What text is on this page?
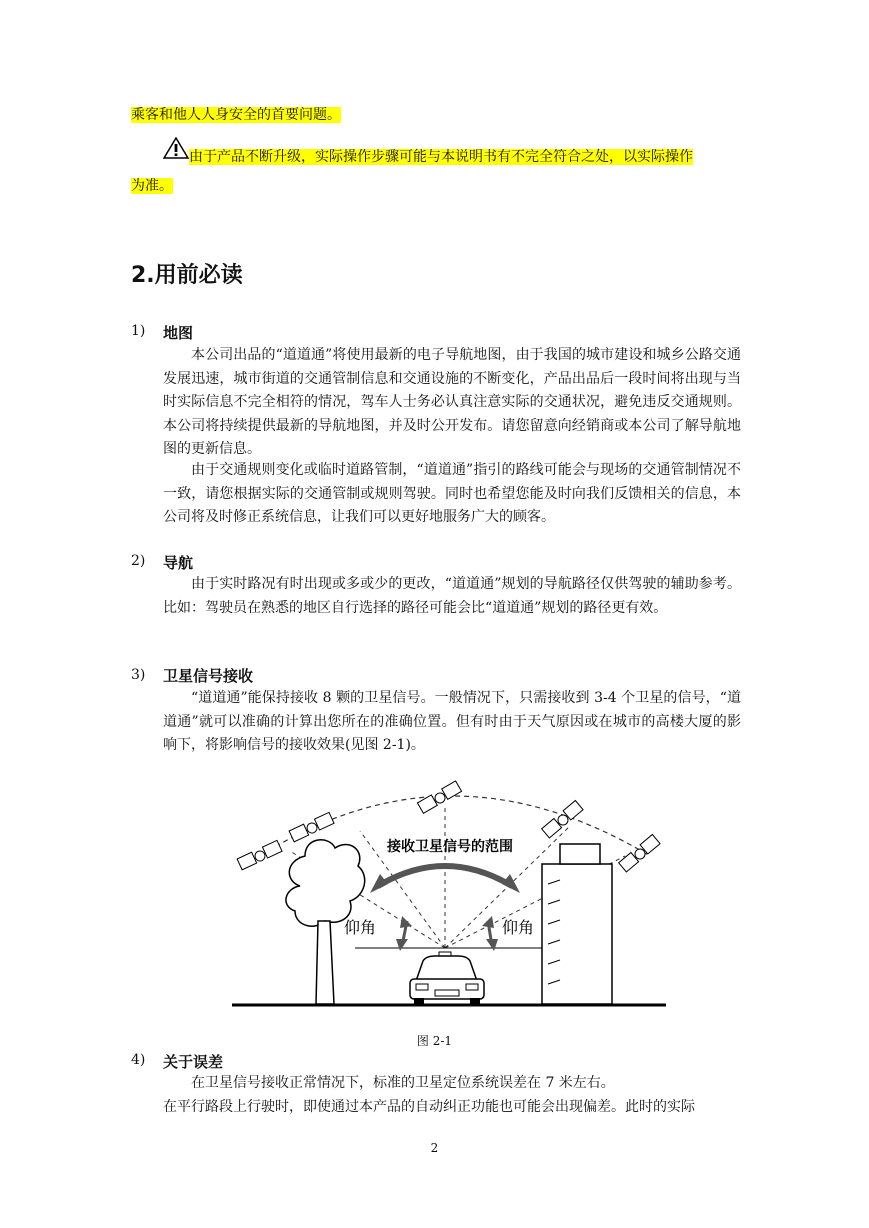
乘客和他人人身安全的首要问题。
由于产品不断升级，实际操作步骤可能与本说明书有不完全符合之处，以实际操作
为准。
2.用前必读
1) 地图
本公司出品的“道道通”将使用最新的电子导航地图，由于我国的城市建设和城乡公路交通发展迅速，城市街道的交通管制信息和交通设施的不断变化，产品出品后一段时间将出现与当时实际信息不完全相符的情况，驾车人士务必认真注意实际的交通状况，避免违反交通规则。本公司将持续提供最新的导航地图，并及时公开发布。请您留意向经销商或本公司了解导航地图的更新信息。
由于交通规则变化或临时道路管制，“道道通”指引的路线可能会与现场的交通管制情况不一致，请您根据实际的交通管制或规则驾驶。同时也希望您能及时向我们反馈相关的信息，本公司将及时修正系统信息，让我们可以更好地服务广大的顾客。
2) 导航
由于实时路况有时出现或多或少的更改，“道道通”规划的导航路径仅供驾驶的辅助参考。比如：驾驶员在熟悉的地区自行选择的路径可能会比“道道通”规划的路径更有效。
3) 卫星信号接收
“道道通”能保持接收 8 颗的卫星信号。一般情况下，只需接收到 3-4 个卫星的信号，“道道通”就可以准确的计算出您所在的准确位置。但有时由于天气原因或在城市的高楼大厦的影响下，将影响信号的接收效果(见图 2-1)。
接收卫星信号的范围
仰角	仰角
图 2-1
4) 关于误差
在卫星信号接收正常情况下，标准的卫星定位系统误差在 7 米左右。
在平行路段上行驶时，即使通过本产品的自动纠正功能也可能会出现偏差。此时的实际
2
